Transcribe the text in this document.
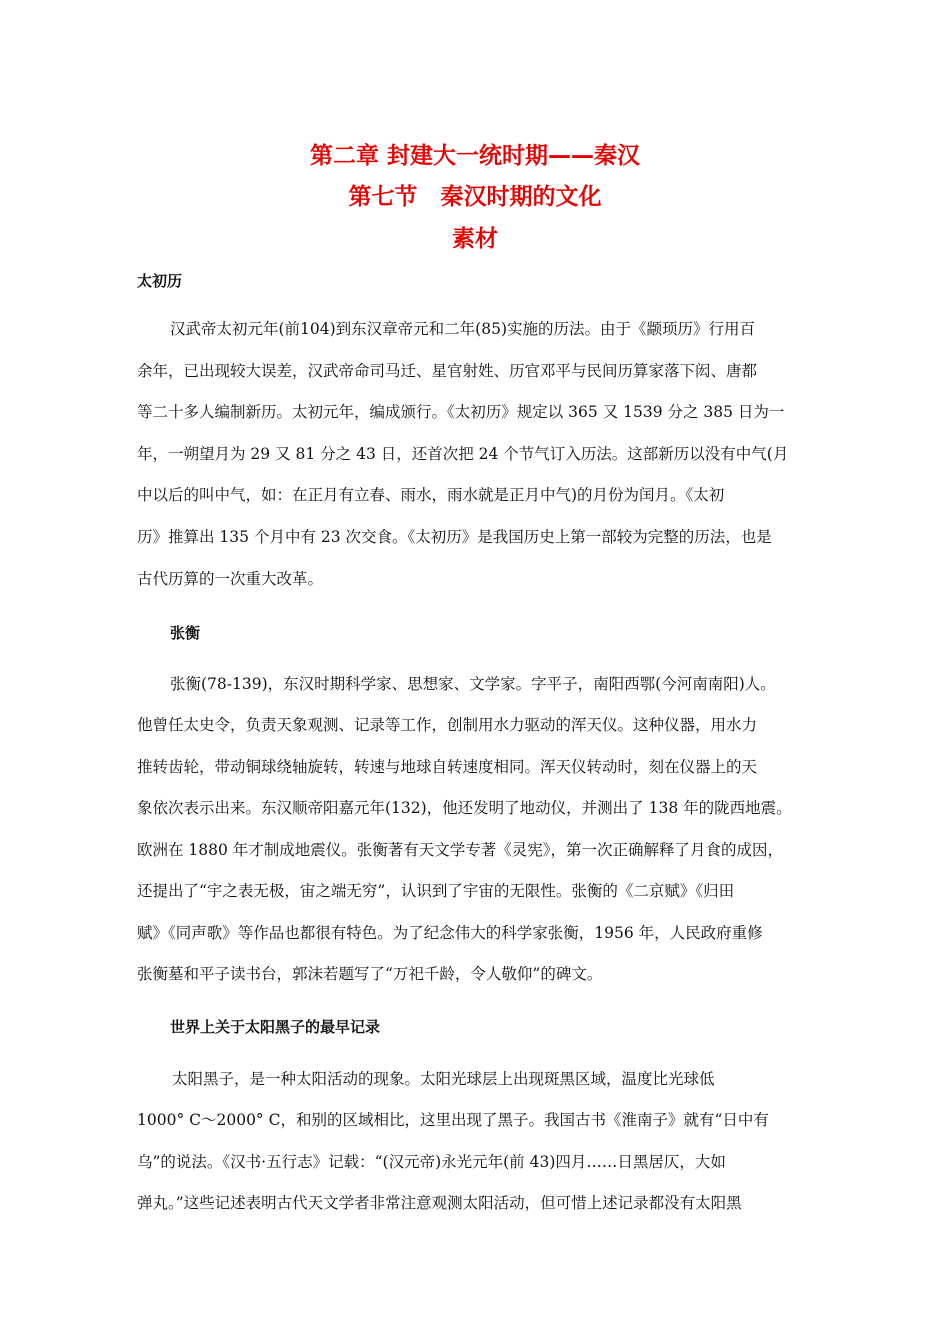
第二章 封建大一统时期——秦汉
第七节　秦汉时期的文化
素材
太初历

汉武帝太初元年(前104)到东汉章帝元和二年(85)实施的历法。由于《颛顼历》行用百

余年，已出现较大误差，汉武帝命司马迁、星官射姓、历官邓平与民间历算家落下闳、唐都

等二十多人编制新历。太初元年，编成颁行。《太初历》规定以 365 又 1539 分之 385 日为一

年，一朔望月为 29 又 81 分之 43 日，还首次把 24 个节气订入历法。这部新历以没有中气(月

中以后的叫中气，如：在正月有立春、雨水，雨水就是正月中气)的月份为闰月。《太初

历》推算出 135 个月中有 23 次交食。《太初历》是我国历史上第一部较为完整的历法，也是

古代历算的一次重大改革。

张衡

张衡(78-139)，东汉时期科学家、思想家、文学家。字平子，南阳西鄂(今河南南阳)人。

他曾任太史令，负责天象观测、记录等工作，创制用水力驱动的浑天仪。这种仪器，用水力

推转齿轮，带动铜球绕轴旋转，转速与地球自转速度相同。浑天仪转动时，刻在仪器上的天

象依次表示出来。东汉顺帝阳嘉元年(132)，他还发明了地动仪，并测出了 138 年的陇西地震。

欧洲在 1880 年才制成地震仪。张衡著有天文学专著《灵宪》，第一次正确解释了月食的成因，

还提出了“宇之表无极，宙之端无穷”，认识到了宇宙的无限性。张衡的《二京赋》《归田

赋》《同声歌》等作品也都很有特色。为了纪念伟大的科学家张衡，1956 年，人民政府重修

张衡墓和平子读书台，郭沫若题写了“万祀千龄，令人敬仰”的碑文。

世界上关于太阳黑子的最早记录

太阳黑子，是一种太阳活动的现象。太阳光球层上出现斑黑区域，温度比光球低

1000° C～2000° C，和别的区域相比，这里出现了黑子。我国古书《淮南子》就有“日中有

乌”的说法。《汉书·五行志》记载：“(汉元帝)永光元年(前 43)四月……日黑居仄，大如

弹丸。”这些记述表明古代天文学者非常注意观测太阳活动，但可惜上述记录都没有太阳黑
